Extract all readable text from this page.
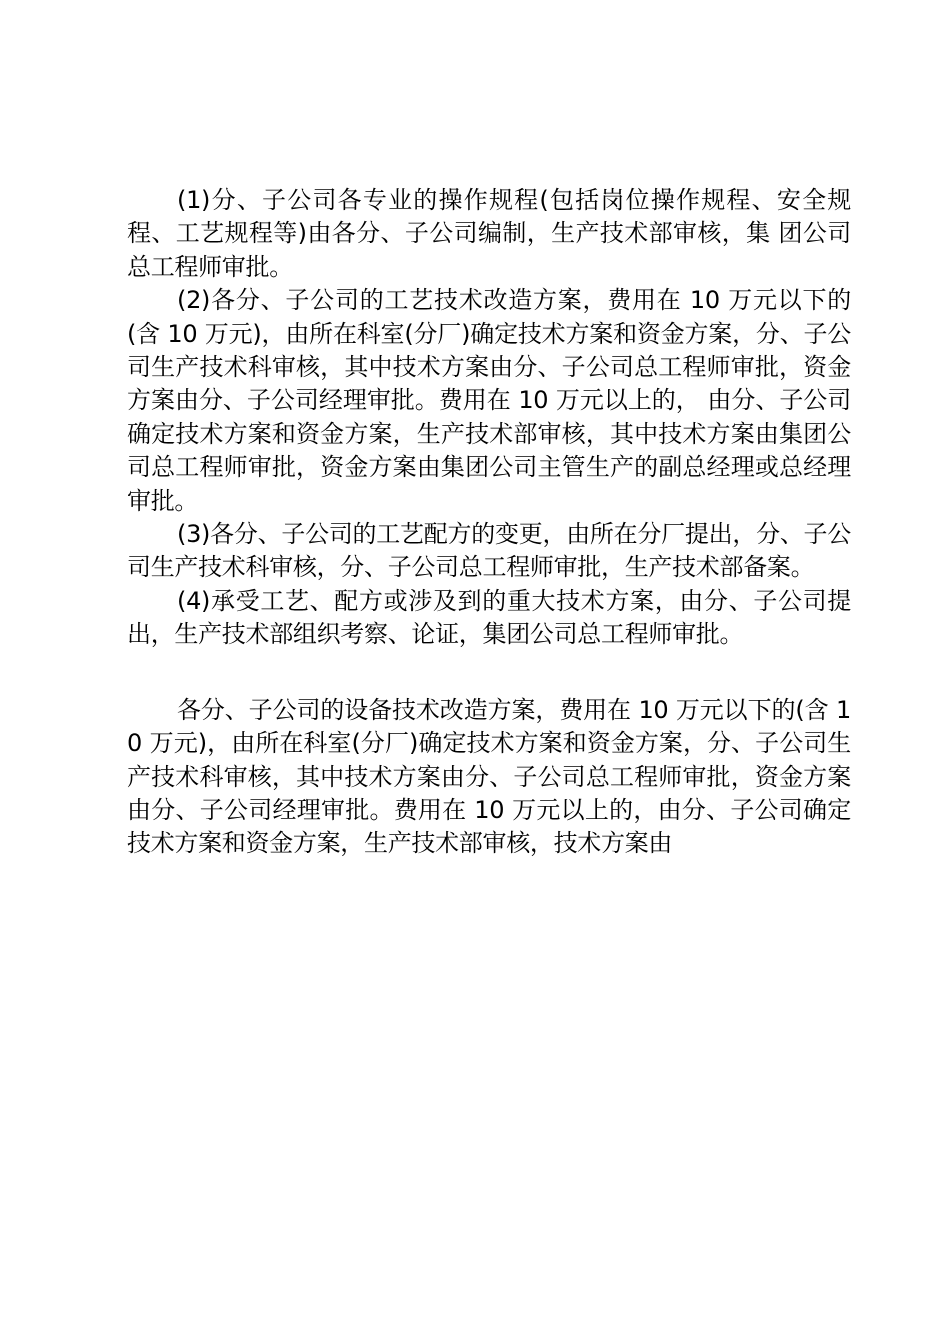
(1)分、子公司各专业的操作规程(包括岗位操作规程、安全规程、工艺规程等)由各分、子公司编制，生产技术部审核，集 团公司总工程师审批。

(2)各分、子公司的工艺技术改造方案，费用在 10 万元以下的(含 10 万元)，由所在科室(分厂)确定技术方案和资金方案，分、子公司生产技术科审核，其中技术方案由分、子公司总工程师审批，资金方案由分、子公司经理审批。费用在 10 万元以上的， 由分、子公司确定技术方案和资金方案，生产技术部审核，其中技术方案由集团公司总工程师审批，资金方案由集团公司主管生产的副总经理或总经理审批。

(3)各分、子公司的工艺配方的变更，由所在分厂提出，分、子公司生产技术科审核，分、子公司总工程师审批，生产技术部备案。

(4)承受工艺、配方或涉及到的重大技术方案，由分、子公司提出，生产技术部组织考察、论证，集团公司总工程师审批。

各分、子公司的设备技术改造方案，费用在 10 万元以下的(含 10 万元)，由所在科室(分厂)确定技术方案和资金方案，分、子公司生产技术科审核，其中技术方案由分、子公司总工程师审批，资金方案由分、子公司经理审批。费用在 10 万元以上的，由分、子公司确定技术方案和资金方案，生产技术部审核，技术方案由
